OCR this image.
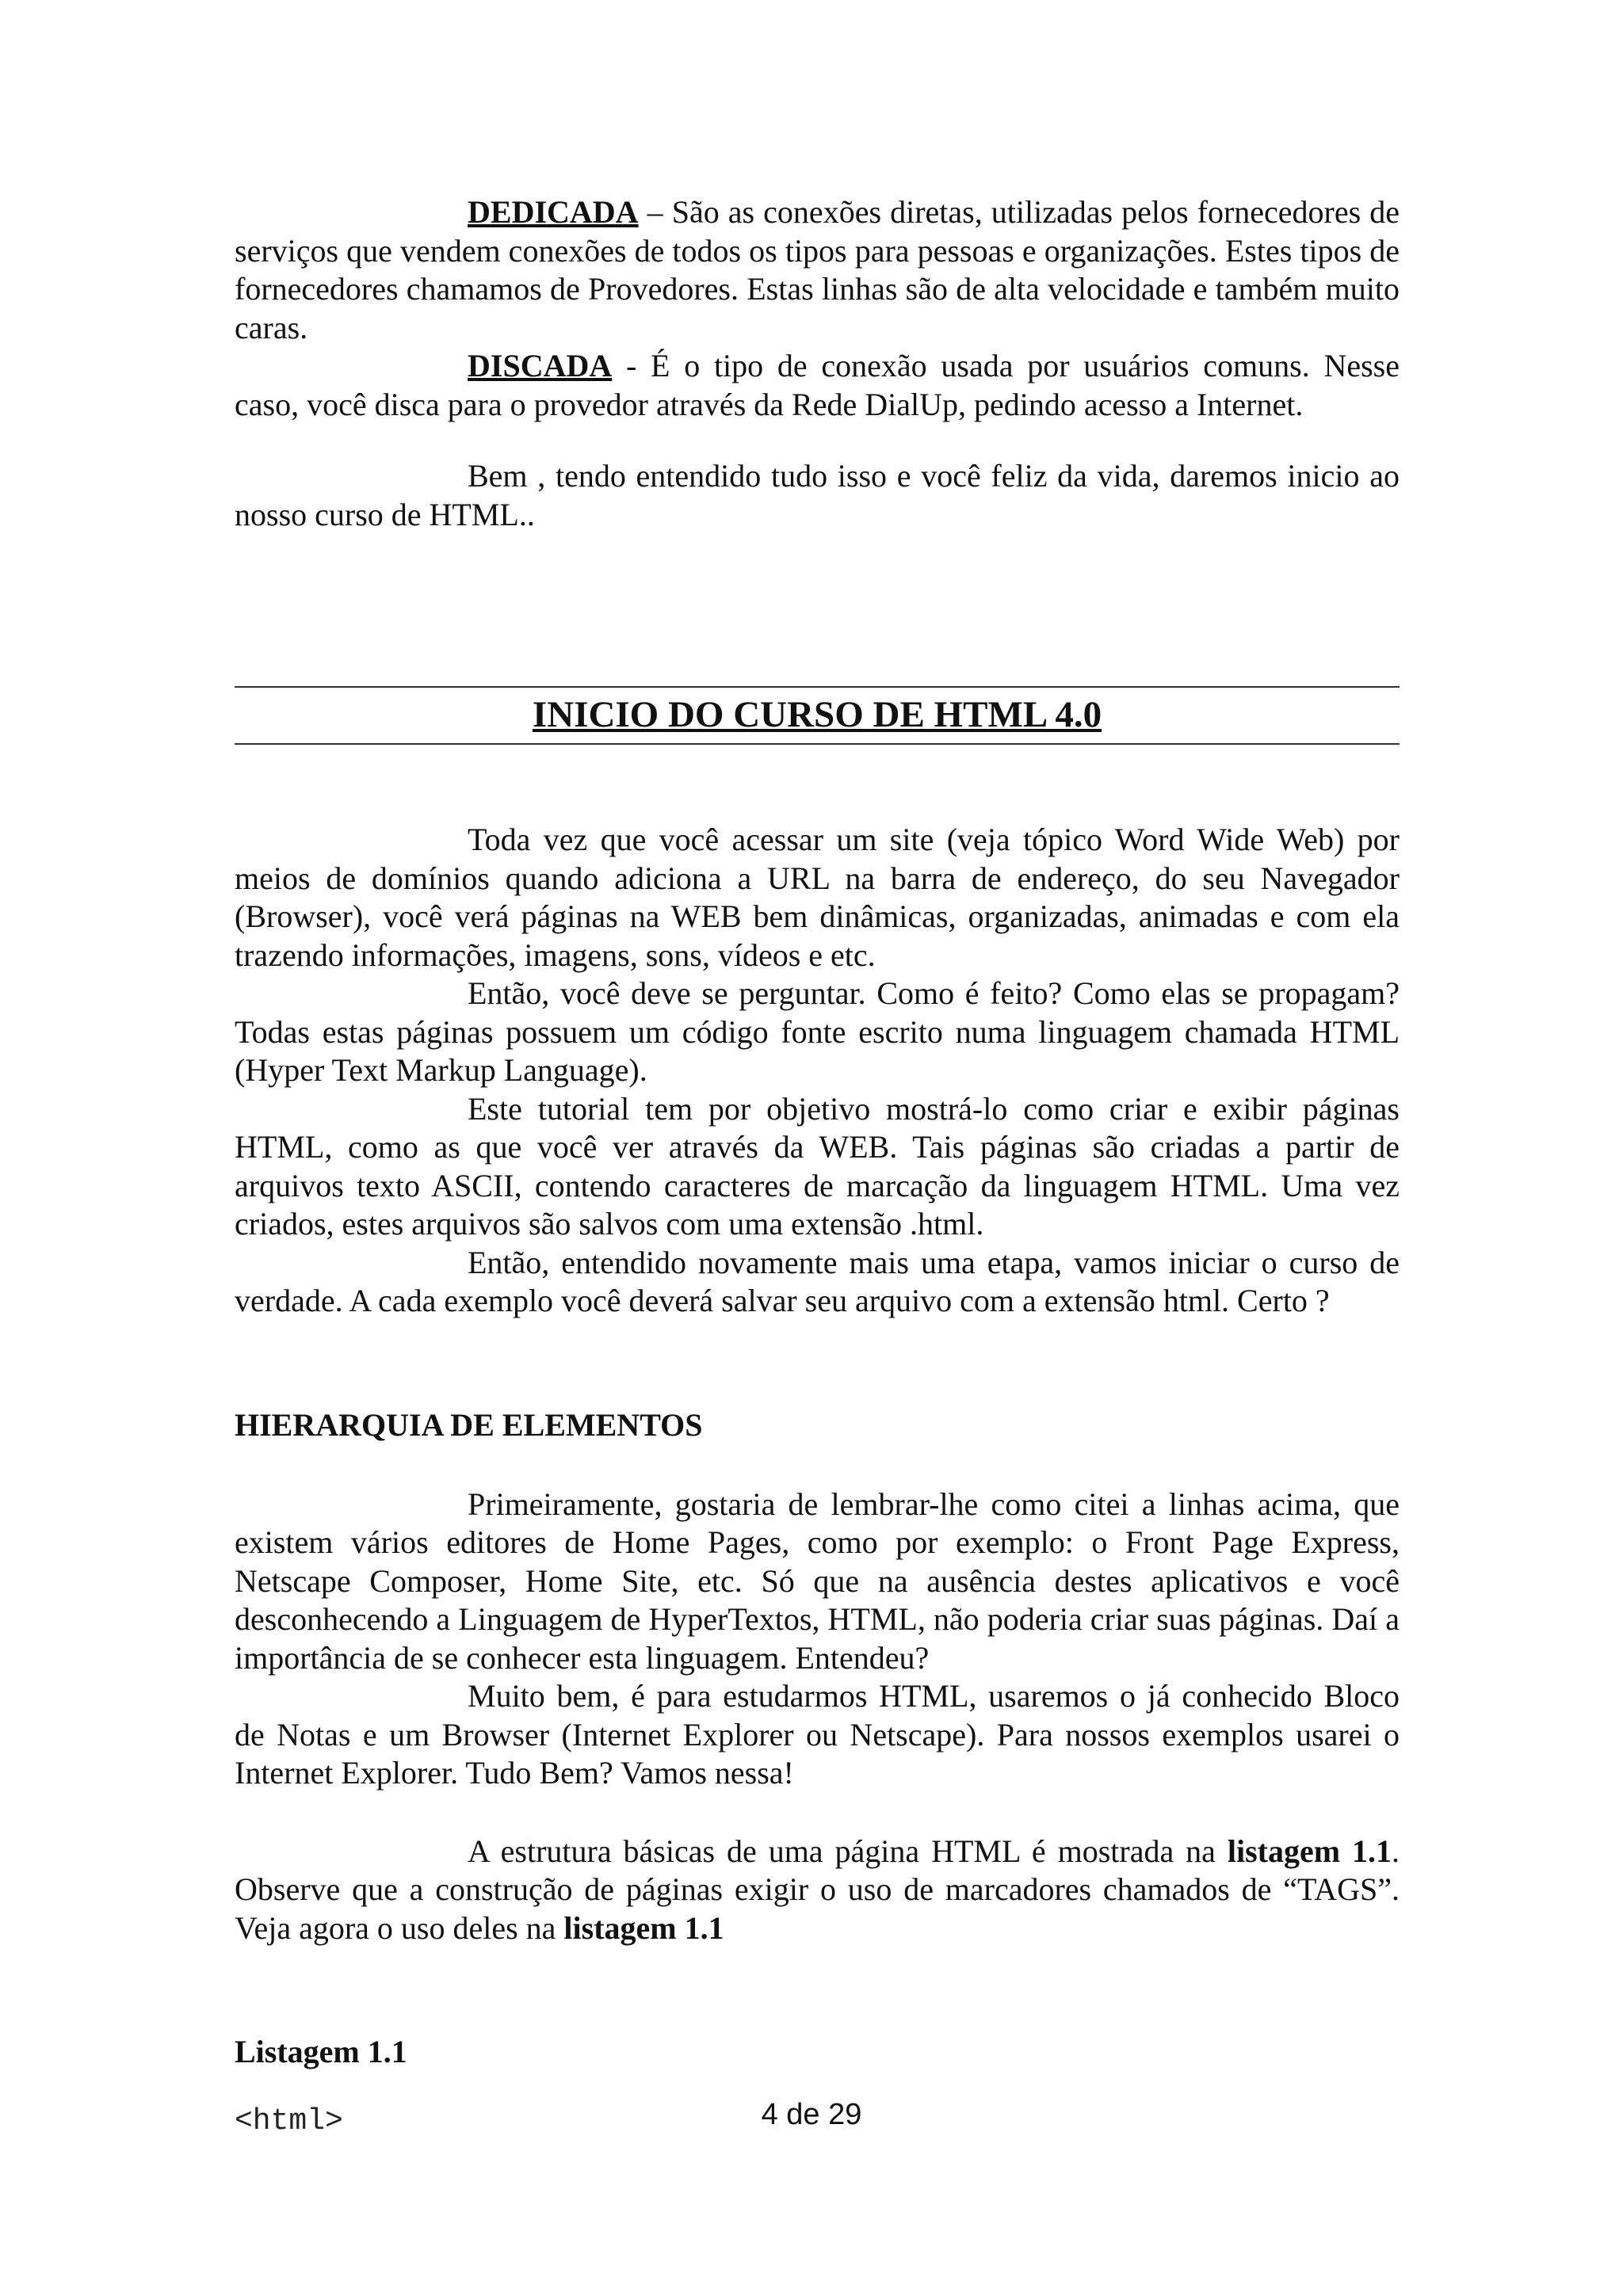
DEDICADA – São as conexões diretas, utilizadas pelos fornecedores de serviços que vendem conexões de todos os tipos para pessoas e organizações. Estes tipos de fornecedores chamamos de Provedores. Estas linhas são de alta velocidade e também muito caras.

DISCADA - É o tipo de conexão usada por usuários comuns. Nesse caso, você disca para o provedor através da Rede DialUp, pedindo acesso a Internet.

Bem , tendo entendido tudo isso e você feliz da vida, daremos inicio ao nosso curso de HTML..

INICIO DO CURSO DE HTML 4.0

Toda vez que você acessar um site (veja tópico Word Wide Web) por meios de domínios quando adiciona a URL na barra de endereço, do seu Navegador (Browser), você verá páginas na WEB bem dinâmicas, organizadas, animadas e com ela trazendo informações, imagens, sons, vídeos e etc.

Então, você deve se perguntar. Como é feito? Como elas se propagam? Todas estas páginas possuem um código fonte escrito numa linguagem chamada HTML (Hyper Text Markup Language).

Este tutorial tem por objetivo mostrá-lo como criar e exibir páginas HTML, como as que você ver através da WEB. Tais páginas são criadas a partir de arquivos texto ASCII, contendo caracteres de marcação da linguagem HTML. Uma vez criados, estes arquivos são salvos com uma extensão .html.

Então, entendido novamente mais uma etapa, vamos iniciar o curso de verdade. A cada exemplo você deverá salvar seu arquivo com a extensão html. Certo ?

HIERARQUIA DE ELEMENTOS

Primeiramente, gostaria de lembrar-lhe como citei a linhas acima, que existem vários editores de Home Pages, como por exemplo: o Front Page Express, Netscape Composer, Home Site, etc. Só que na ausência destes aplicativos e você desconhecendo a Linguagem de HyperTextos, HTML, não poderia criar suas páginas. Daí a importância de se conhecer esta linguagem. Entendeu?

Muito bem, é para estudarmos HTML, usaremos o já conhecido Bloco de Notas e um Browser (Internet Explorer ou Netscape). Para nossos exemplos usarei o Internet Explorer. Tudo Bem? Vamos nessa!

A estrutura básicas de uma página HTML é mostrada na listagem 1.1. Observe que a construção de páginas exigir o uso de marcadores chamados de “TAGS”. Veja agora o uso deles na listagem 1.1

Listagem 1.1
<html>	4 de 29
